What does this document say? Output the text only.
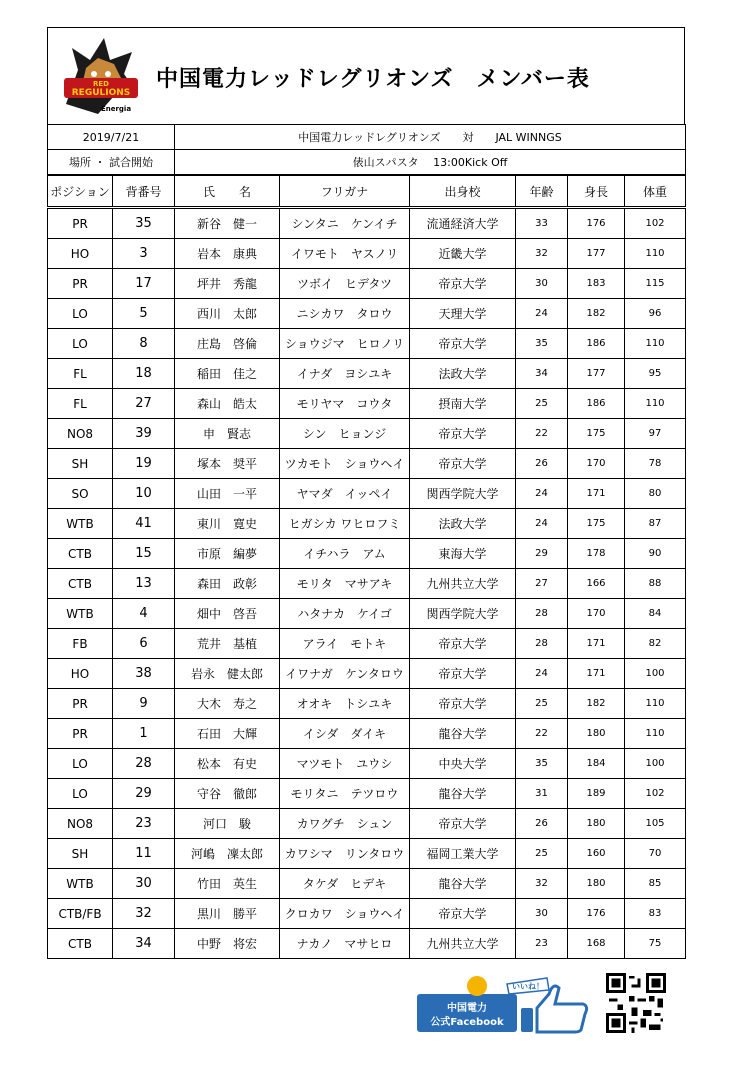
RED
REGULIONS
Energia
中国電力レッドレグリオンズ　メンバー表
2019/7/21	中国電力レッドレグリオンズ　　対　　JAL WINNGS
場所 ・ 試合開始	俵山スパスタ　 13:00Kick Off
ポジション	背番号	氏　　名	フリガナ	出身校	年齢	身長	体重
PR	35	新谷　健一	シンタニ　ケンイチ	流通経済大学	33	176	102
HO	3	岩本　康典	イワモト　ヤスノリ	近畿大学	32	177	110
PR	17	坪井　秀龍	ツボイ　ヒデタツ	帝京大学	30	183	115
LO	5	西川　太郎	ニシカワ　タロウ	天理大学	24	182	96
LO	8	庄島　啓倫	ショウジマ　ヒロノリ	帝京大学	35	186	110
FL	18	稲田　佳之	イナダ　ヨシユキ	法政大学	34	177	95
FL	27	森山　皓太	モリヤマ　コウタ	摂南大学	25	186	110
NO8	39	申　賢志	シン　ヒョンジ	帝京大学	22	175	97
SH	19	塚本　奨平	ツカモト　ショウヘイ	帝京大学	26	170	78
SO	10	山田　一平	ヤマダ　イッペイ	関西学院大学	24	171	80
WTB	41	東川　寛史	ヒガシカ ワヒロフミ	法政大学	24	175	87
CTB	15	市原　編夢	イチハラ　アム	東海大学	29	178	90
CTB	13	森田　政彰	モリタ　マサアキ	九州共立大学	27	166	88
WTB	4	畑中　啓吾	ハタナカ　ケイゴ	関西学院大学	28	170	84
FB	6	荒井　基植	アライ　モトキ	帝京大学	28	171	82
HO	38	岩永　健太郎	イワナガ　ケンタロウ	帝京大学	24	171	100
PR	9	大木　寿之	オオキ　トシユキ	帝京大学	25	182	110
PR	1	石田　大輝	イシダ　ダイキ	龍谷大学	22	180	110
LO	28	松本　有史	マツモト　ユウシ	中央大学	35	184	100
LO	29	守谷　徹郎	モリタニ　テツロウ	龍谷大学	31	189	102
NO8	23	河口　駿	カワグチ　シュン	帝京大学	26	180	105
SH	11	河嶋　凜太郎	カワシマ　リンタロウ	福岡工業大学	25	160	70
WTB	30	竹田　英生	タケダ　ヒデキ	龍谷大学	32	180	85
CTB/FB	32	黒川　勝平	クロカワ　ショウヘイ	帝京大学	30	176	83
CTB	34	中野　将宏	ナカノ　マサヒロ	九州共立大学	23	168	75
中国電力
公式Facebook
いいね！
